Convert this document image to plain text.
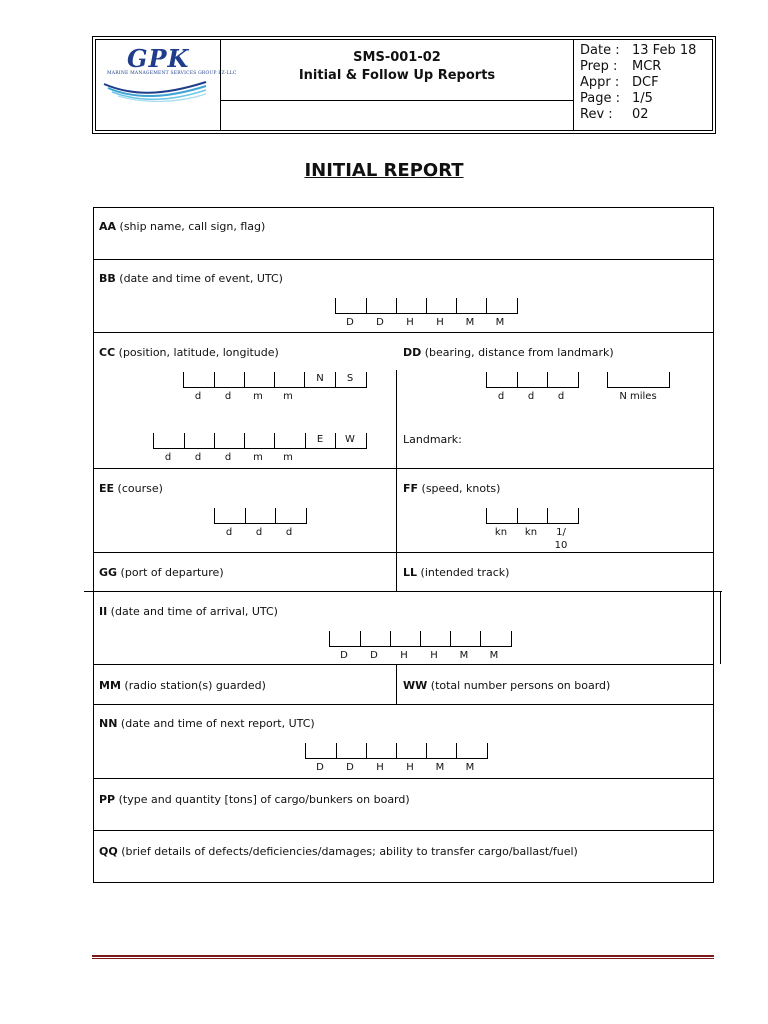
GPK
MARINE MANAGEMENT SERVICES GROUP FZ-LLC
SMS-001-02
Initial & Follow Up Reports
Date : 13 Feb 18
Prep : MCR
Appr : DCF
Page : 1/5
Rev : 02
INITIAL REPORT
AA (ship name, call sign, flag)
BB (date and time of event, UTC)
D	D	H	H	M	M
CC (position, latitude, longitude)
N	S
d	d	m	m
E	W
d	d	d	m	m
DD (bearing, distance from landmark)
d	d	d	N miles
Landmark:
EE (course)
d	d	d
FF (speed, knots)
kn	kn	1/
10
GG (port of departure)	LL (intended track)
II (date and time of arrival, UTC)
D	D	H	H	M	M
MM (radio station(s) guarded)	WW (total number persons on board)
NN (date and time of next report, UTC)
D	D	H	H	M	M
PP (type and quantity [tons] of cargo/bunkers on board)
QQ (brief details of defects/deficiencies/damages; ability to transfer cargo/ballast/fuel)
